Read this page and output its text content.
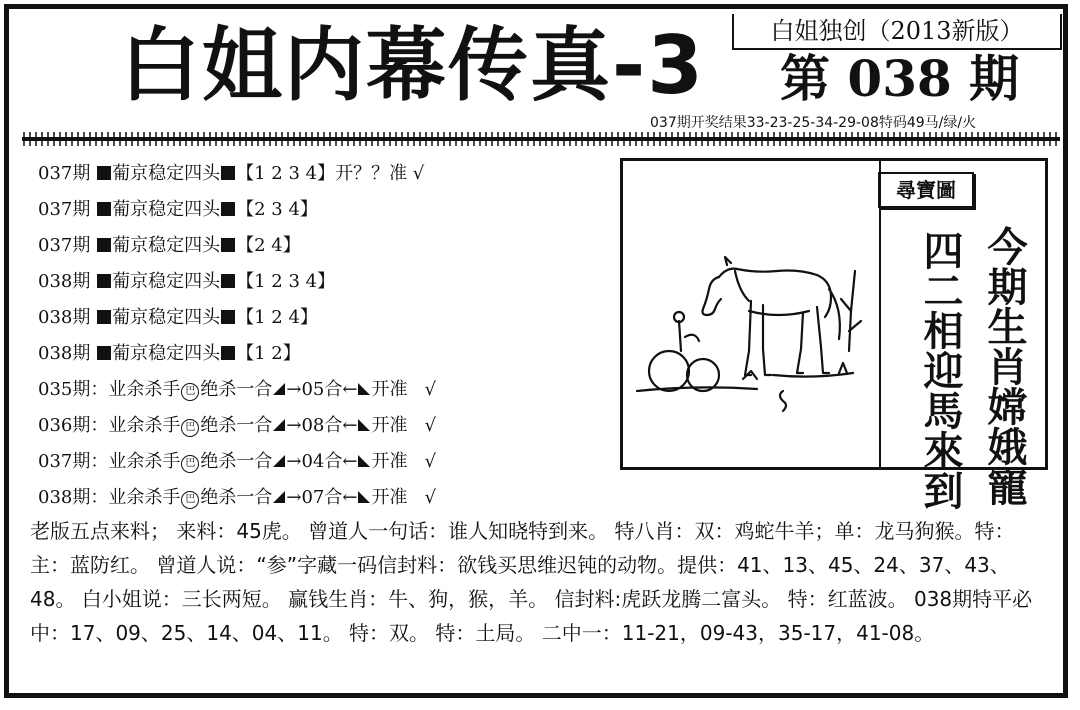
白姐内幕传真-3	白姐独创（2013新版）
第 038 期
037期开奖结果33-23-25-34-29-08特码49马/绿/火
037期 葡京稳定四头 【1 2 3 4】开？？准 √
037期 葡京稳定四头 【2 3 4】
037期 葡京稳定四头 【2 4】
038期 葡京稳定四头 【1 2 3 4】
038期 葡京稳定四头 【1 2 4】
038期 葡京稳定四头 【1 2】
035期：业余杀手 巴 绝杀一合 →05合← 开准 √
036期：业余杀手 巴 绝杀一合 →08合← 开准 √
037期：业余杀手 巴 绝杀一合 →04合← 开准 √
038期：业余杀手 巴 绝杀一合 →07合← 开准 √
尋寶圖
今期生肖嫦娥寵
四二相迎馬來到
老版五点来料； 来料：45虎。 曾道人一句话：谁人知晓特到来。 特八肖：双：鸡蛇牛羊；单：龙马狗猴。特：主：蓝防红。 曾道人说：“参”字藏一码信封料：欲钱买思维迟钝的动物。提供：41、13、45、24、37、43、48。 白小姐说：三长两短。 赢钱生肖：牛、狗，猴，羊。 信封料:虎跃龙腾二富头。 特：红蓝波。 038期特平必中：17、09、25、14、04、11。 特：双。 特：土局。 二中一：11-21，09-43，35-17，41-08。
